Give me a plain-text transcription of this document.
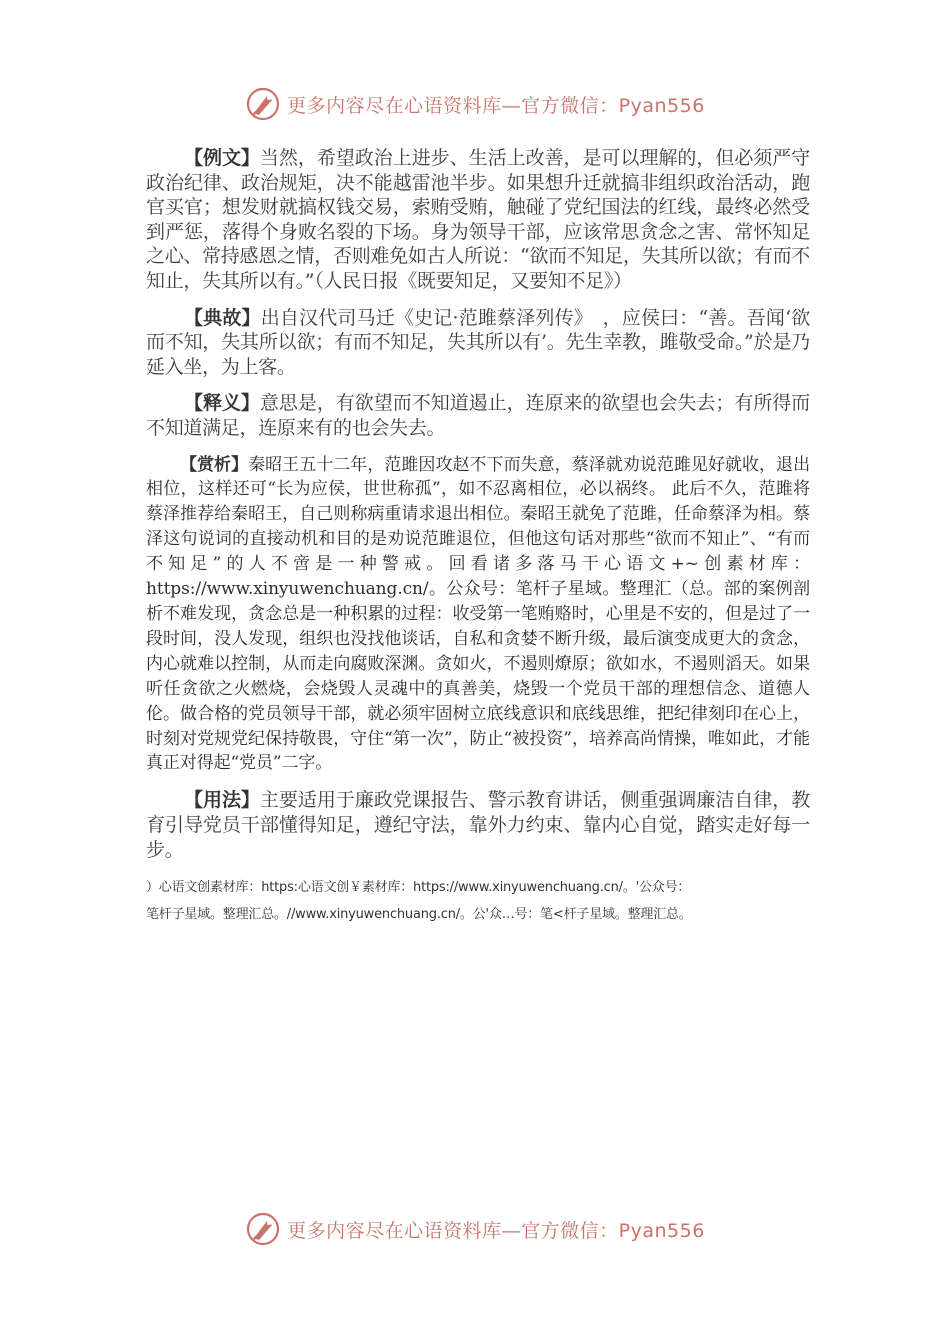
更多内容尽在心语资料库—官方微信：Pyan556

【例文】当然，希望政治上进步、生活上改善，是可以理解的，但必须严守政治纪律、政治规矩，决不能越雷池半步。如果想升迁就搞非组织政治活动，跑官买官；想发财就搞权钱交易，索贿受贿，触碰了党纪国法的红线，最终必然受到严惩，落得个身败名裂的下场。身为领导干部，应该常思贪念之害、常怀知足之心、常持感恩之情，否则难免如古人所说：“欲而不知足，失其所以欲；有而不知止，失其所以有。”（人民日报《既要知足，又要知不足》）

【典故】出自汉代司马迁《史记·范雎蔡泽列传》　，应侯曰：“善。吾闻‘欲而不知，失其所以欲；有而不知足，失其所以有’。先生幸教，雎敬受命。”於是乃延入坐，为上客。

【释义】意思是，有欲望而不知道遏止，连原来的欲望也会失去；有所得而不知道满足，连原来有的也会失去。

【赏析】秦昭王五十二年，范雎因攻赵不下而失意，蔡泽就劝说范雎见好就收，退出相位，这样还可“长为应侯，世世称孤”，如不忍离相位，必以祸终。 此后不久，范雎将蔡泽推荐给秦昭王，自己则称病重请求退出相位。秦昭王就免了范雎，任命蔡泽为相。蔡泽这句说词的直接动机和目的是劝说范雎退位，但他这句话对那些“欲而不知止”、“有而不知足”的人不啻是一种警戒。回看诸多落马干心语文+~创素材库：https://www.xinyuwenchuang.cn/。公众号：笔杆子星域。整理汇（总。部的案例剖析不难发现，贪念总是一种积累的过程：收受第一笔贿赂时，心里是不安的，但是过了一段时间，没人发现，组织也没找他谈话，自私和贪婪不断升级，最后演变成更大的贪念，内心就难以控制，从而走向腐败深渊。贪如火，不遏则燎原；欲如水，不遏则滔天。如果听任贪欲之火燃烧，会烧毁人灵魂中的真善美，烧毁一个党员干部的理想信念、道德人伦。做合格的党员领导干部，就必须牢固树立底线意识和底线思维，把纪律刻印在心上，时刻对党规党纪保持敬畏，守住“第一次”，防止“被投资”，培养高尚情操，唯如此，才能真正对得起“党员”二字。

【用法】主要适用于廉政党课报告、警示教育讲话，侧重强调廉洁自律，教育引导党员干部懂得知足，遵纪守法，靠外力约束、靠内心自觉，踏实走好每一步。

）心语文创素材库：https:心语文创￥素材库：https://www.xinyuwenchuang.cn/。'公众号：
笔杆子星域。整理汇总。//www.xinyuwenchuang.cn/。公'众…号：笔<杆子星域。整理汇总。
更多内容尽在心语资料库—官方微信：Pyan556
